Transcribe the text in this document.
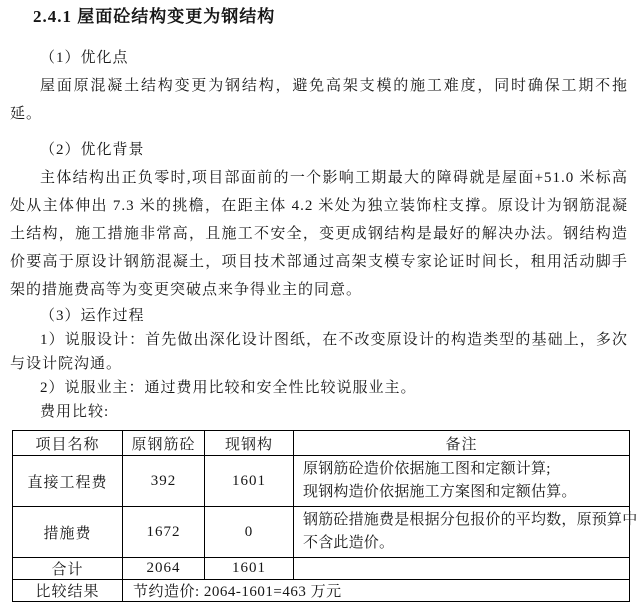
2.4.1 屋面砼结构变更为钢结构
（1）优化点
屋面原混凝土结构变更为钢结构，避免高架支模的施工难度，同时确保工期不拖延。
（2）优化背景
主体结构出正负零时,项目部面前的一个影响工期最大的障碍就是屋面+51.0 米标高处从主体伸出 7.3 米的挑檐，在距主体 4.2 米处为独立装饰柱支撑。原设计为钢筋混凝土结构，施工措施非常高，且施工不安全，变更成钢结构是最好的解决办法。钢结构造价要高于原设计钢筋混凝土，项目技术部通过高架支模专家论证时间长，租用活动脚手架的措施费高等为变更突破点来争得业主的同意。
（3）运作过程
1）说服设计：首先做出深化设计图纸，在不改变原设计的构造类型的基础上，多次与设计院沟通。
2）说服业主：通过费用比较和安全性比较说服业主。
费用比较:
项目名称	原钢筋砼	现钢构	备注
直接工程费	392	1601	原钢筋砼造价依据施工图和定额计算;
现钢构造价依据施工方案图和定额估算。

措施费	1672	0	钢筋砼措施费是根据分包报价的平均数，原预算中
不含此造价。

合计	2064	1601	
比较结果	节约造价: 2064-1601=463 万元		
